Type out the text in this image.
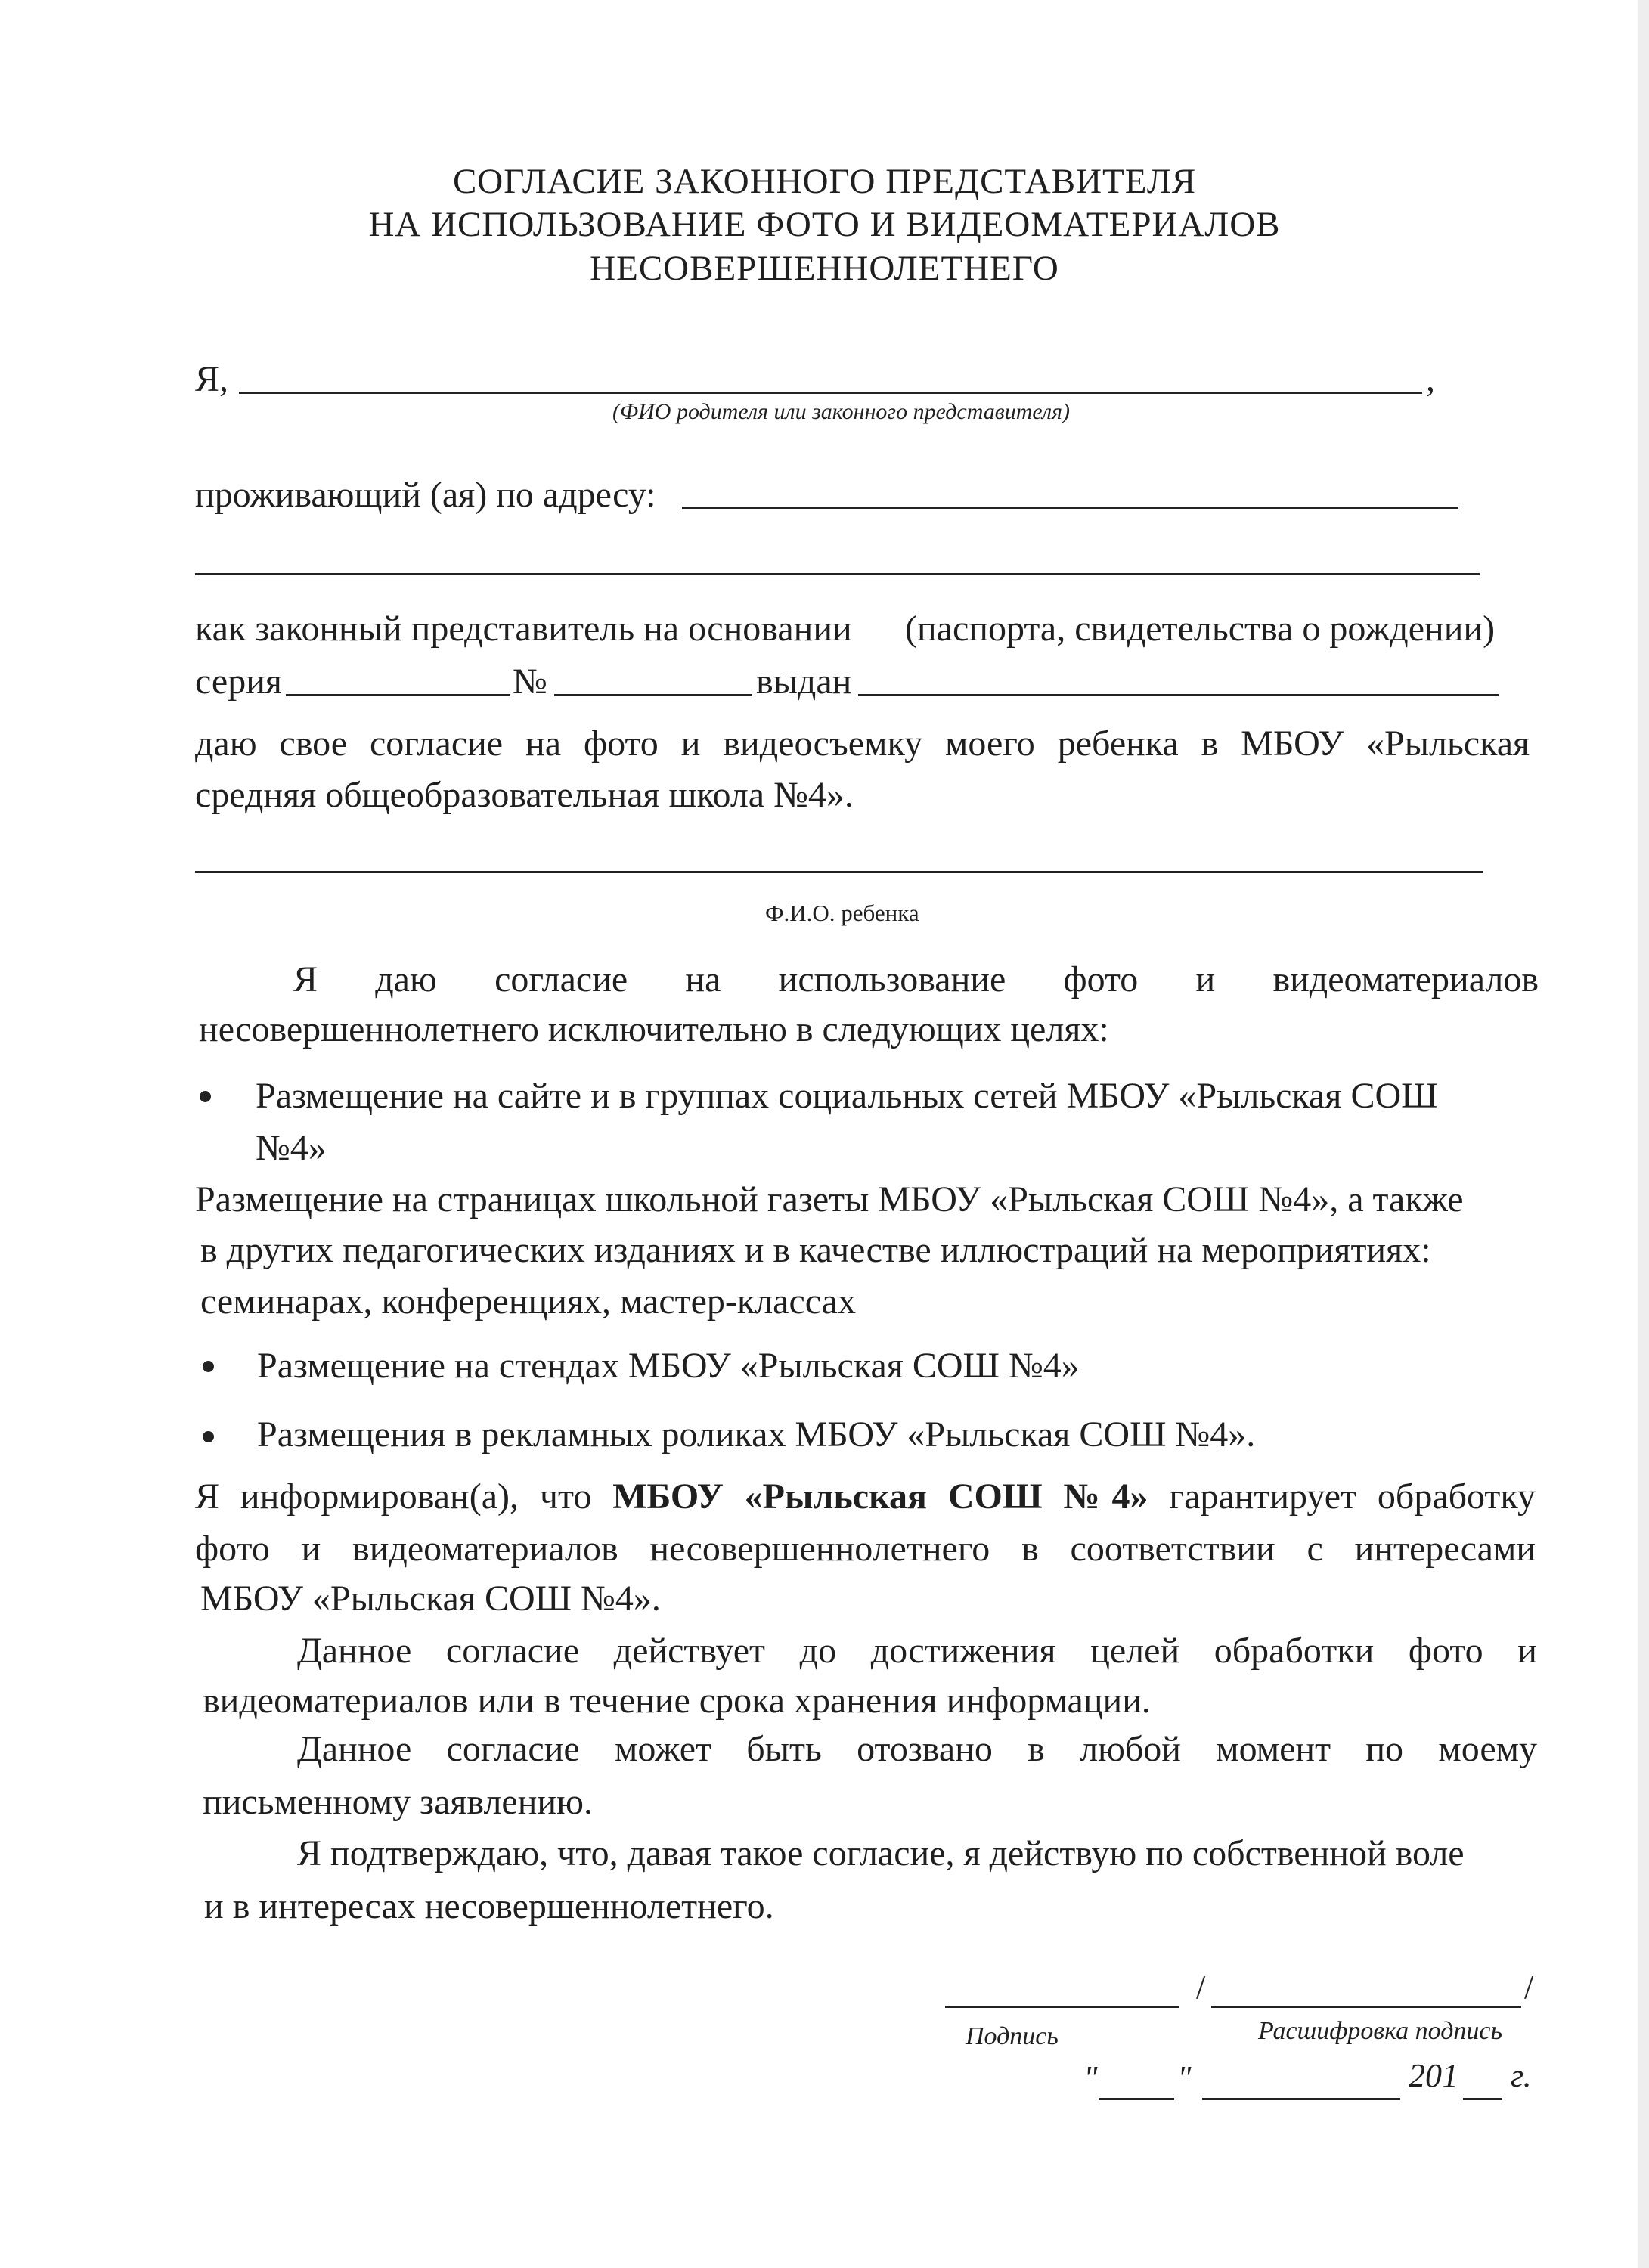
СОГЛАСИЕ ЗАКОННОГО ПРЕДСТАВИТЕЛЯ
НА ИСПОЛЬЗОВАНИЕ ФОТО И ВИДЕОМАТЕРИАЛОВ
НЕСОВЕРШЕННОЛЕТНЕГО
Я,	,
(ФИО родителя или законного представителя)
проживающий (ая) по адресу:
как законный представитель на основании (паспорта, свидетельства о рождении)
серия	№	выдан
даю свое согласие на фото и видеосъемку моего ребенка в МБОУ «Рыльская
средняя общеобразовательная школа №4».
Ф.И.О. ребенка
Я даю согласие на использование фото и видеоматериалов
несовершеннолетнего исключительно в следующих целях:
Размещение на сайте и в группах социальных сетей МБОУ «Рыльская СОШ
№4»
Размещение на страницах школьной газеты МБОУ «Рыльская СОШ №4», а также
в других педагогических изданиях и в качестве иллюстраций на мероприятиях:
семинарах, конференциях, мастер-классах
Размещение на стендах МБОУ «Рыльская СОШ №4»
Размещения в рекламных роликах МБОУ «Рыльская СОШ №4».
Я информирован(а), что МБОУ «Рыльская СОШ №4» гарантирует обработку
фото и видеоматериалов несовершеннолетнего в соответствии с интересами
МБОУ «Рыльская СОШ №4».
Данное согласие действует до достижения целей обработки фото и
видеоматериалов или в течение срока хранения информации.
Данное согласие может быть отозвано в любой момент по моему
письменному заявлению.
Я подтверждаю, что, давая такое согласие, я действую по собственной воле
и в интересах несовершеннолетнего.
/	/
Подпись	Расшифровка подпись
" "	201 г.
